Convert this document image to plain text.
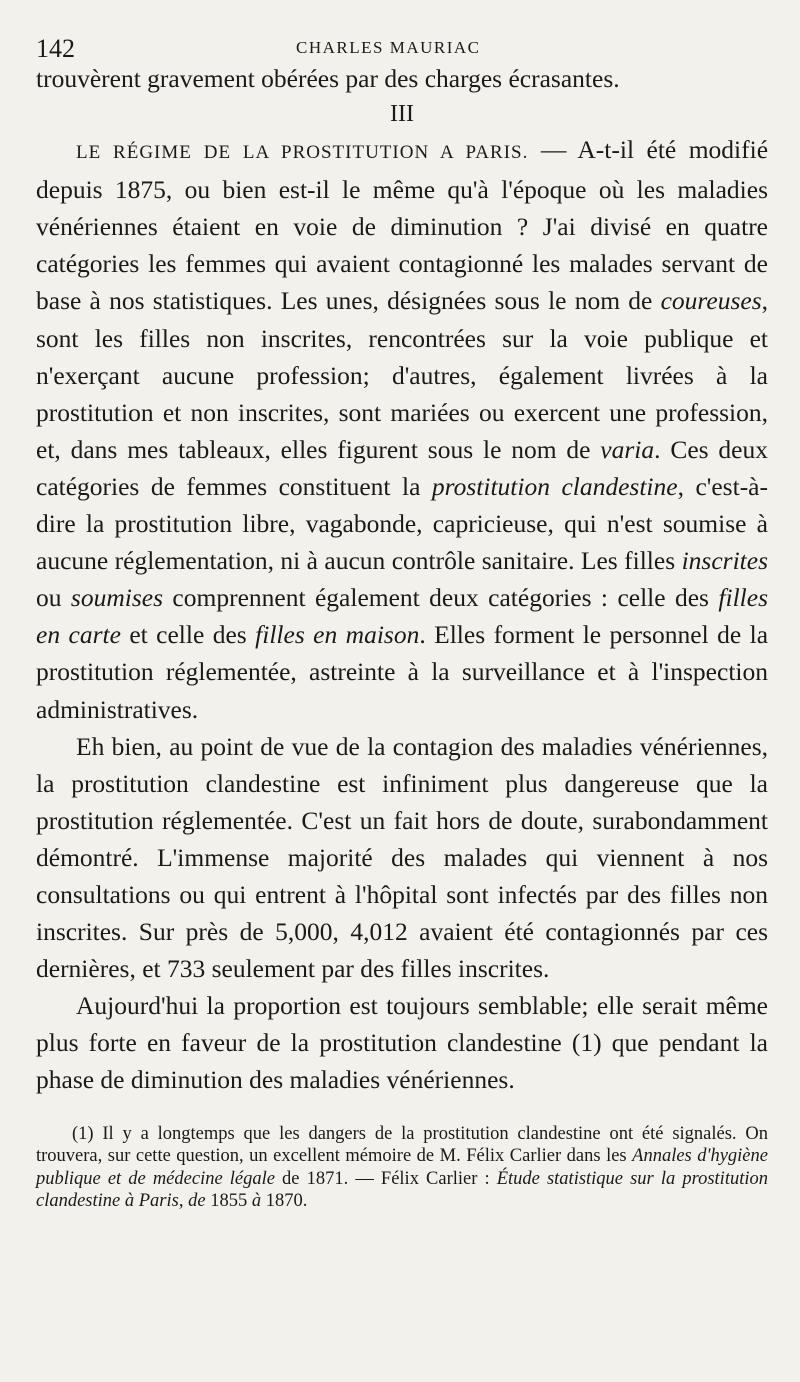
142	CHARLES MAURIAC

trouvèrent gravement obérées par des charges écrasantes.

III

LE RÉGIME DE LA PROSTITUTION A PARIS. — A-t-il été modifié depuis 1875, ou bien est-il le même qu'à l'époque où les maladies vénériennes étaient en voie de diminution ? J'ai divisé en quatre catégories les femmes qui avaient contagionné les malades servant de base à nos statistiques. Les unes, désignées sous le nom de coureuses, sont les filles non inscrites, rencontrées sur la voie publique et n'exerçant aucune profession; d'autres, également livrées à la prostitution et non inscrites, sont mariées ou exercent une profession, et, dans mes tableaux, elles figurent sous le nom de varia. Ces deux catégories de femmes constituent la prostitution clandestine, c'est-à-dire la prostitution libre, vagabonde, capricieuse, qui n'est soumise à aucune réglementation, ni à aucun contrôle sanitaire. Les filles inscrites ou soumises comprennent également deux catégories : celle des filles en carte et celle des filles en maison. Elles forment le personnel de la prostitution réglementée, astreinte à la surveillance et à l'inspection administratives.

Eh bien, au point de vue de la contagion des maladies vénériennes, la prostitution clandestine est infiniment plus dangereuse que la prostitution réglementée. C'est un fait hors de doute, surabondamment démontré. L'immense majorité des malades qui viennent à nos consultations ou qui entrent à l'hôpital sont infectés par des filles non inscrites. Sur près de 5,000, 4,012 avaient été contagionnés par ces dernières, et 733 seulement par des filles inscrites.

Aujourd'hui la proportion est toujours semblable; elle serait même plus forte en faveur de la prostitution clandestine (1) que pendant la phase de diminution des maladies vénériennes.

(1) Il y a longtemps que les dangers de la prostitution clandestine ont été signalés. On trouvera, sur cette question, un excellent mémoire de M. Félix Carlier dans les Annales d'hygiène publique et de médecine légale de 1871. — Félix Carlier : Étude statistique sur la prostitution clandestine à Paris, de 1855 à 1870.
